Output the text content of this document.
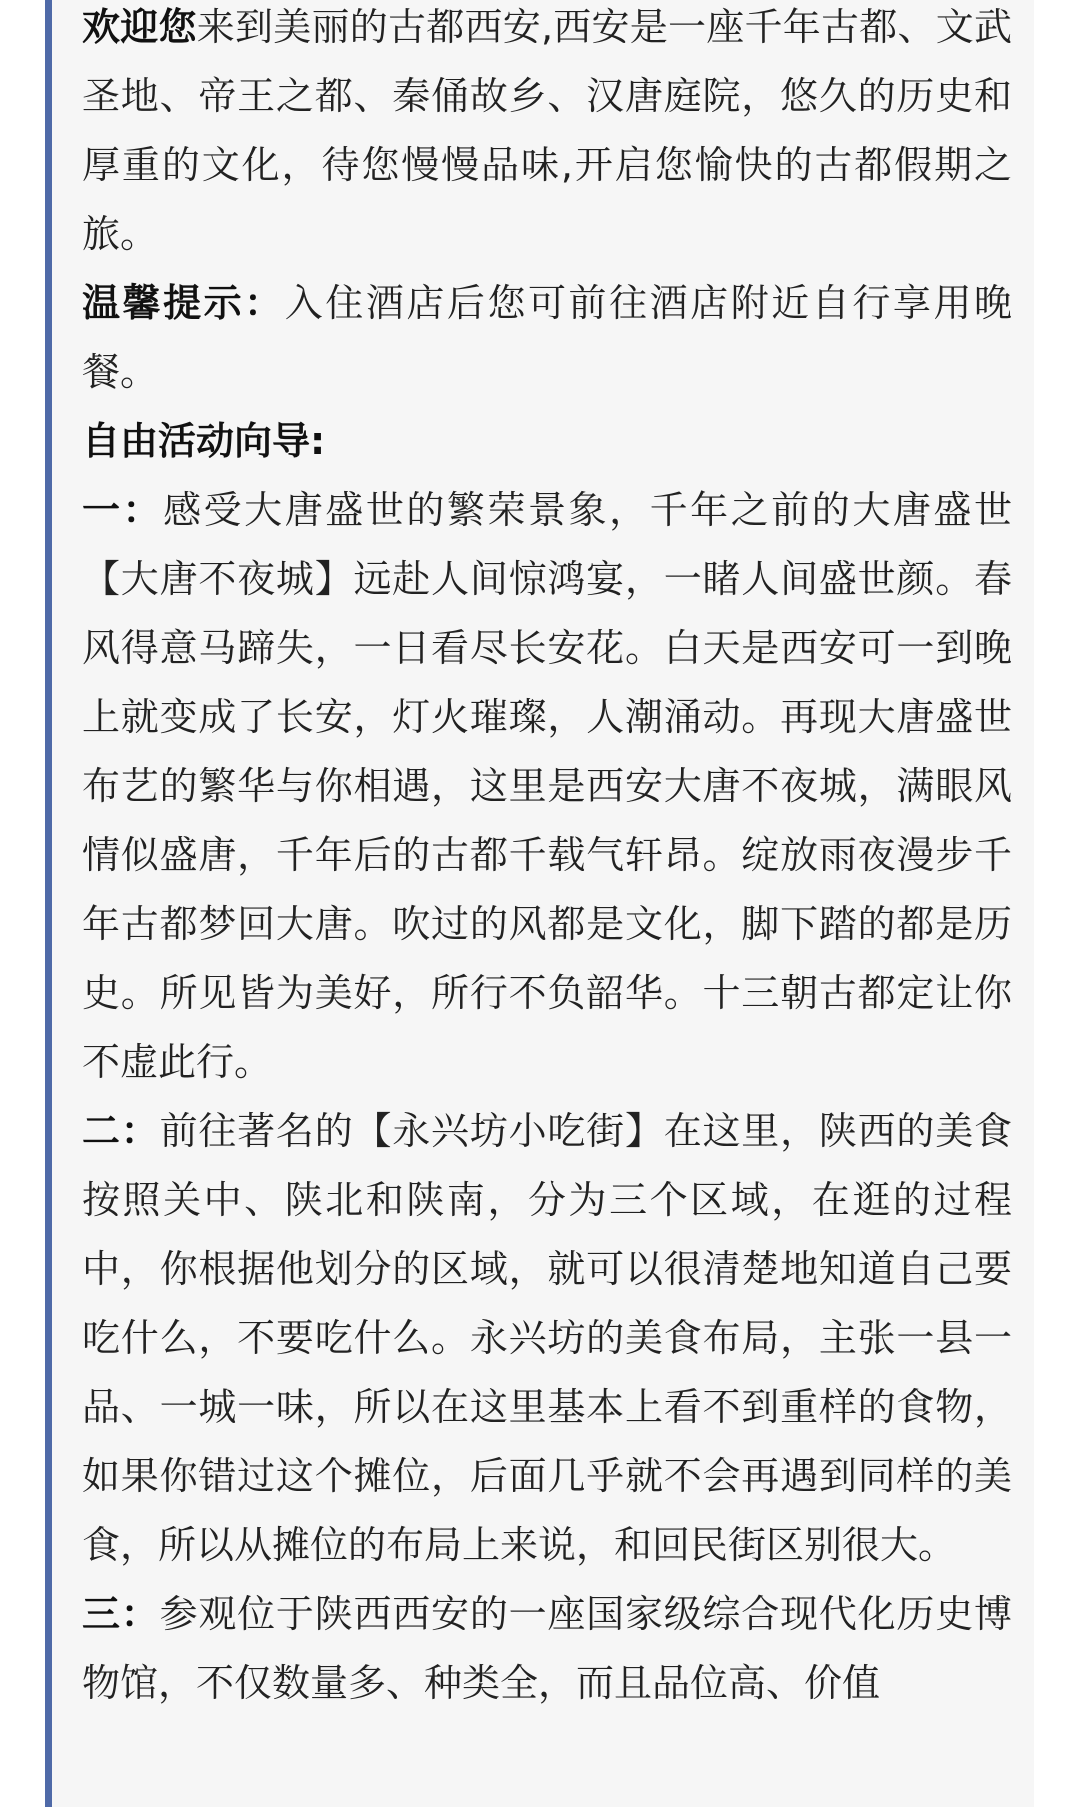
欢迎您来到美丽的古都西安,西安是一座千年古都、文武圣地、帝王之都、秦俑故乡、汉唐庭院，悠久的历史和厚重的文化，待您慢慢品味,开启您愉快的古都假期之旅。

温馨提示：入住酒店后您可前往酒店附近自行享用晚餐。

自由活动向导:

一：感受大唐盛世的繁荣景象，千年之前的大唐盛世【大唐不夜城】远赴人间惊鸿宴，一睹人间盛世颜。春风得意马蹄失，一日看尽长安花。白天是西安可一到晚上就变成了长安，灯火璀璨，人潮涌动。再现大唐盛世布艺的繁华与你相遇，这里是西安大唐不夜城，满眼风情似盛唐，千年后的古都千载气轩昂。绽放雨夜漫步千年古都梦回大唐。吹过的风都是文化，脚下踏的都是历史。所见皆为美好，所行不负韶华。十三朝古都定让你不虚此行。

二：前往著名的【永兴坊小吃街】在这里，陕西的美食按照关中、陕北和陕南，分为三个区域，在逛的过程中，你根据他划分的区域，就可以很清楚地知道自己要吃什么，不要吃什么。永兴坊的美食布局，主张一县一品、一城一味，所以在这里基本上看不到重样的食物，如果你错过这个摊位，后面几乎就不会再遇到同样的美食，所以从摊位的布局上来说，和回民街区别很大。

三：参观位于陕西西安的一座国家级综合现代化历史博物馆，不仅数量多、种类全，而且品位高、价值
